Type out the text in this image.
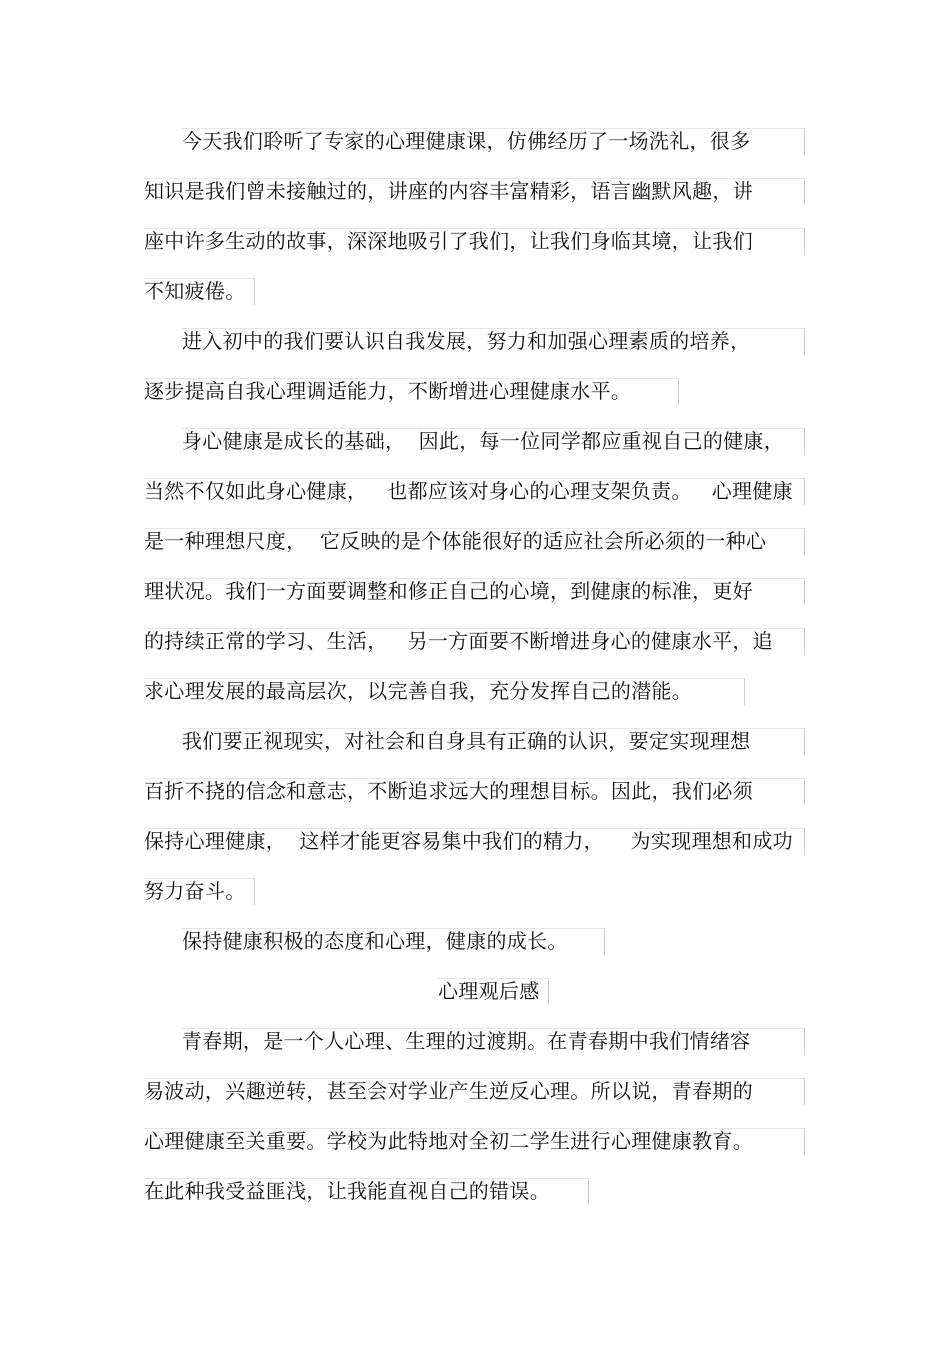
今天我们聆听了专家的心理健康课，仿佛经历了一场洗礼，很多
知识是我们曾未接触过的，讲座的内容丰富精彩，语言幽默风趣，讲
座中许多生动的故事，深深地吸引了我们，让我们身临其境，让我们
不知疲倦。
进入初中的我们要认识自我发展，努力和加强心理素质的培养，
逐步提高自我心理调适能力，不断增进心理健康水平。
身心健康是成长的基础，  因此，每一位同学都应重视自己的健康，
当然不仅如此身心健康，   也都应该对身心的心理支架负责。   心理健康
是一种理想尺度，  它反映的是个体能很好的适应社会所必须的一种心
理状况。我们一方面要调整和修正自己的心境，到健康的标准，更好
的持续正常的学习、生活，   另一方面要不断增进身心的健康水平，追
求心理发展的最高层次，以完善自我，充分发挥自己的潜能。
我们要正视现实，对社会和自身具有正确的认识，要定实现理想
百折不挠的信念和意志，不断追求远大的理想目标。因此，我们必须
保持心理健康，  这样才能更容易集中我们的精力，    为实现理想和成功
努力奋斗。
保持健康积极的态度和心理，健康的成长。
心理观后感
青春期，是一个人心理、生理的过渡期。在青春期中我们情绪容
易波动，兴趣逆转，甚至会对学业产生逆反心理。所以说，青春期的
心理健康至关重要。学校为此特地对全初二学生进行心理健康教育。
在此种我受益匪浅，让我能直视自己的错误。
